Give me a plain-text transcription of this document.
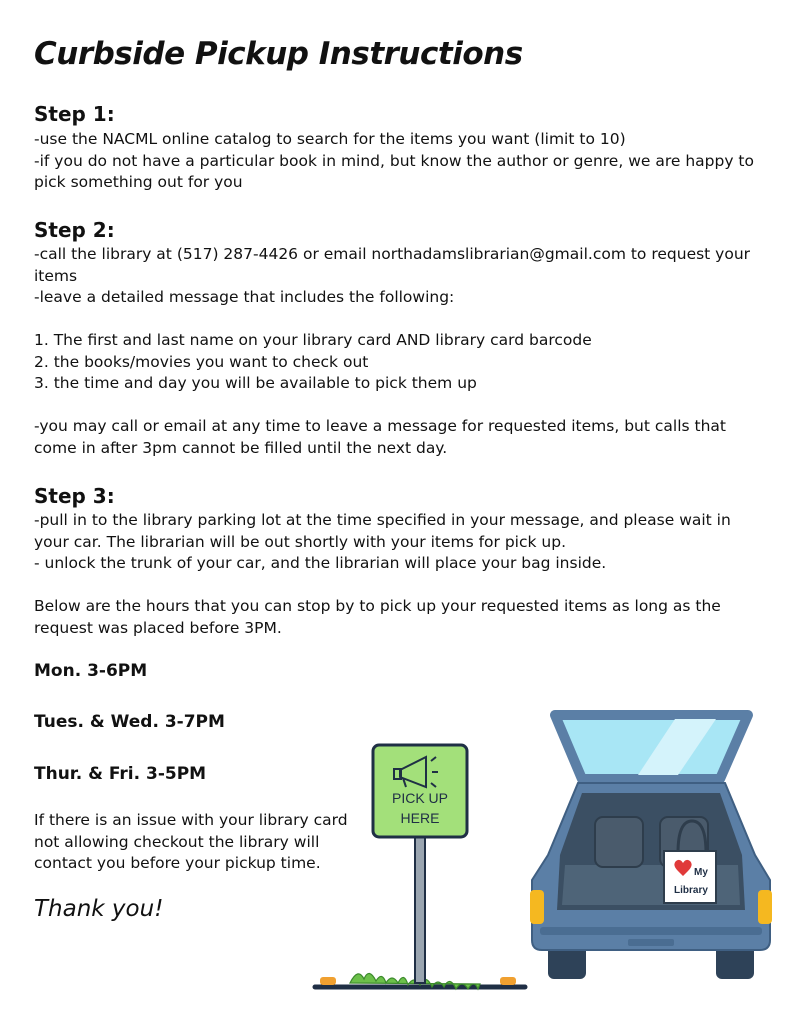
Curbside Pickup Instructions
Step 1:

-use the NACML online catalog to search for the items you want (limit to 10)

-if you do not have a particular book in mind, but know the author or genre, we are happy to pick something out for you

Step 2:

-call the library at (517) 287-4426 or email northadamslibrarian@gmail.com to request your items

-leave a detailed message that includes the following:

1. The first and last name on your library card AND library card barcode

2. the books/movies you want to check out

3. the time and day you will be available to pick them up

-you may call or email at any time to leave a message for requested items, but calls that come in after 3pm cannot be filled until the next day.

Step 3:

-pull in to the library parking lot at the time specified in your message, and please wait in your car. The librarian will be out shortly with your items for pick up.

- unlock the trunk of your car, and the librarian will place your bag inside.

Below are the hours that you can stop by to pick up your requested items as long as the request was placed before 3PM.

Mon. 3-6PM
Tues. & Wed. 3-7PM
Thur. & Fri. 3-5PM
If there is an issue with your library card not allowing checkout the library will contact you before your pickup time.
Thank you!
PICK UP
HERE
My
Library
